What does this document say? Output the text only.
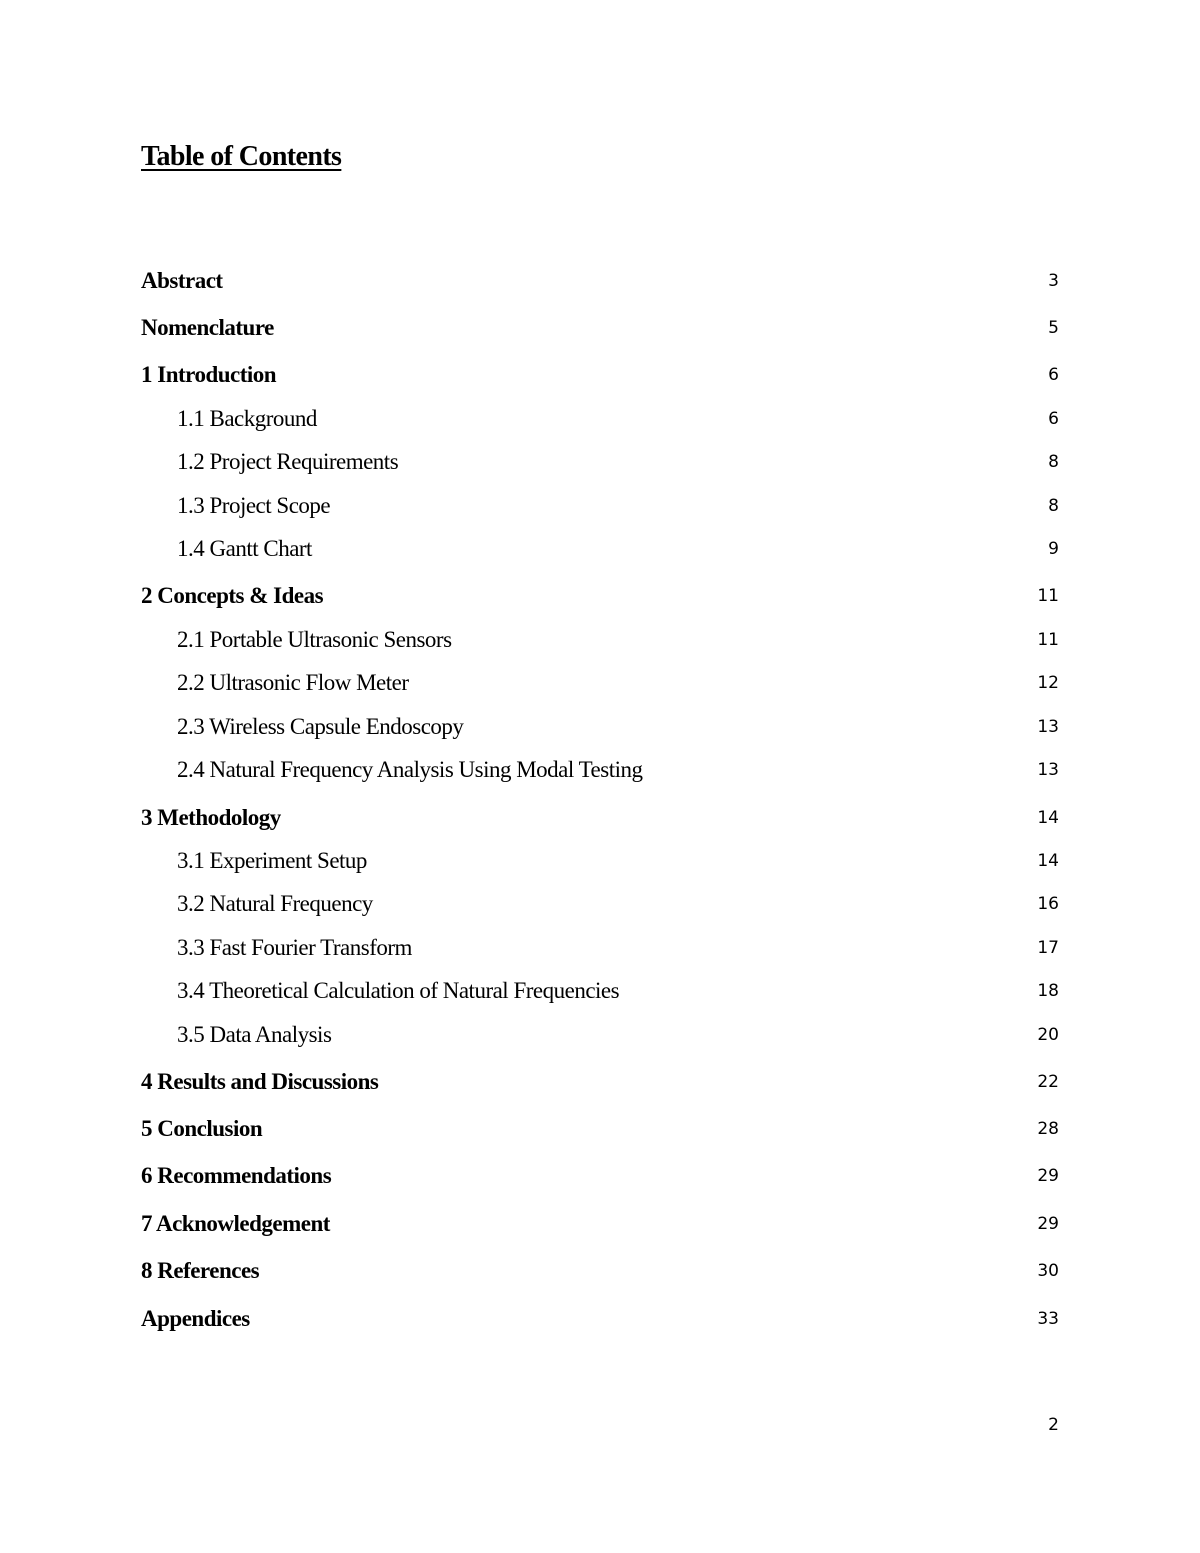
Table of Contents
Abstract	3
Nomenclature	5
1 Introduction	6
1.1 Background	6
1.2 Project Requirements	8
1.3 Project Scope	8
1.4 Gantt Chart	9
2 Concepts & Ideas	11
2.1 Portable Ultrasonic Sensors	11
2.2 Ultrasonic Flow Meter	12
2.3 Wireless Capsule Endoscopy	13
2.4 Natural Frequency Analysis Using Modal Testing	13
3 Methodology	14
3.1 Experiment Setup	14
3.2 Natural Frequency	16
3.3 Fast Fourier Transform	17
3.4 Theoretical Calculation of Natural Frequencies	18
3.5 Data Analysis	20
4 Results and Discussions	22
5 Conclusion	28
6 Recommendations	29
7 Acknowledgement	29
8 References	30
Appendices	33
2
